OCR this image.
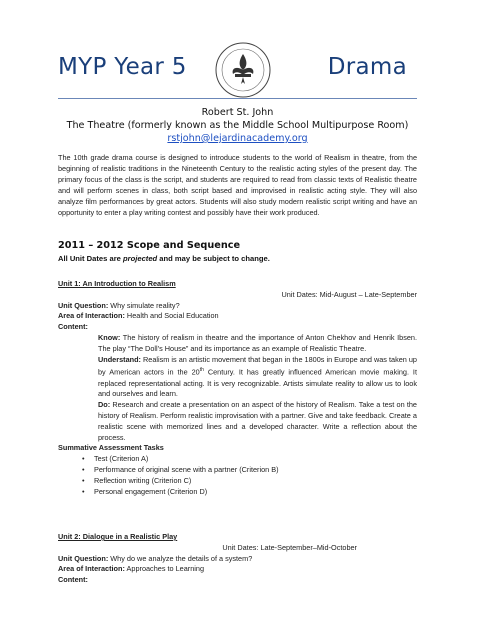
MYP Year 5	Drama
Robert St. John
The Theatre (formerly known as the Middle School Multipurpose Room)
rstjohn@lejardinacademy.org
The 10th grade drama course is designed to introduce students to the world of Realism in theatre, from the beginning of realistic traditions in the Nineteenth Century to the realistic acting styles of the present day. The primary focus of the class is the script, and students are required to read from classic texts of Realistic theatre and will perform scenes in class, both script based and improvised in realistic acting style. They will also analyze film performances by great actors. Students will also study modern realistic script writing and have an opportunity to enter a play writing contest and possibly have their work produced.
2011 – 2012 Scope and Sequence
All Unit Dates are projected and may be subject to change.
Unit 1: An Introduction to Realism
Unit Dates: Mid-August – Late-September
Unit Question: Why simulate reality?
Area of Interaction: Health and Social Education
Content:
Know: The history of realism in theatre and the importance of Anton Chekhov and Henrik Ibsen. The play “The Doll’s House” and its importance as an example of Realistic Theatre.
Understand: Realism is an artistic movement that began in the 1800s in Europe and was taken up by American actors in the 20th Century. It has greatly influenced American movie making. It replaced representational acting. It is very recognizable. Artists simulate reality to allow us to look and ourselves and learn.
Do: Research and create a presentation on an aspect of the history of Realism. Take a test on the history of Realism. Perform realistic improvisation with a partner. Give and take feedback. Create a realistic scene with memorized lines and a developed character. Write a reflection about the process.
Summative Assessment Tasks
• Test (Criterion A)
• Performance of original scene with a partner (Criterion B)
• Reflection writing (Criterion C)
• Personal engagement (Criterion D)
Unit 2: Dialogue in a Realistic Play
Unit Dates: Late-September–Mid-October
Unit Question: Why do we analyze the details of a system?
Area of Interaction: Approaches to Learning
Content:
